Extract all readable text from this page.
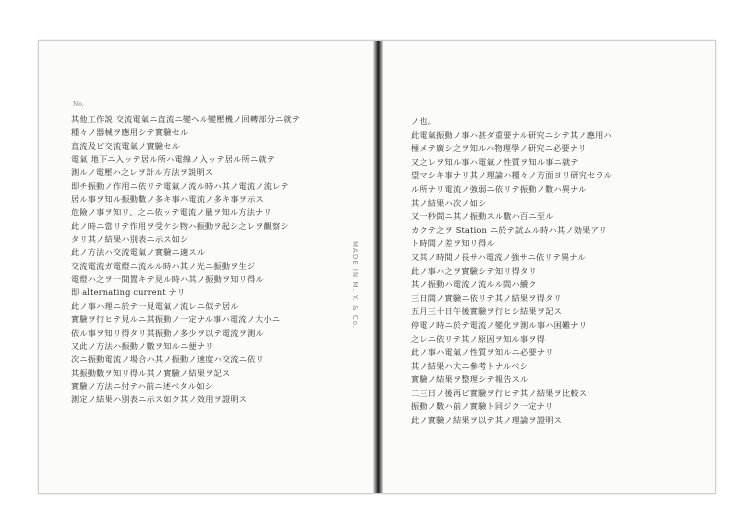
No.
其他工作説 交流電氣ニ直流ニ變ヘル變壓機ノ回轉部分ニ就テ
種々ノ器械ヲ應用シテ實驗セル
直流及ビ交流電氣ノ實驗セル
電氣 地下ニ入ッテ居ル所ハ電線ノ入ッテ居ル所ニ就テ
測ルノ電壓ハ之レヲ計ル方法ヲ説明ス
即チ振動ノ作用ニ依リテ電氣ノ流ル時ハ其ノ電流ノ流レテ
居ル事ヲ知ル振動數ノ多キ事ハ電流ノ多キ事ヲ示ス
危險ノ事ヲ知リ、之ニ依ッテ電流ノ量ヲ知ル方法ナリ
此ノ時ニ當リテ作用ヲ受ケシ物ハ振動ヲ起シ之レヲ觀察シ
タリ其ノ結果ハ別表ニ示ス如シ
此ノ方法ハ交流電氣ノ實驗ニ適スル
交流電流ガ電燈ニ流ルル時ハ其ノ光ニ振動ヲ生ジ
電燈ハ之ヲ一間置キテ見ル時ハ其ノ振動ヲ知リ得ル
即 alternating current ナリ
此ノ事ハ理ニ於テ一見電氣ノ流レニ似テ居ル
實驗ヲ行ヒテ見ルニ其振動ノ一定ナル事ハ電流ノ大小ニ
依ル事ヲ知リ得タリ其振動ノ多少ヲ以テ電流ヲ測ル
又此ノ方法ハ振動ノ數ヲ知ルニ便ナリ
次ニ振動電流ノ場合ハ其ノ振動ノ速度ハ交流ニ依リ
其振動數ヲ知リ得ル其ノ實驗ノ結果ヲ記ス
實驗ノ方法ニ付テハ前ニ述ベタル如シ
測定ノ結果ハ別表ニ示ス如ク其ノ效用ヲ證明ス
MADE IN M. Y. & Co.
ノ也。
此電氣振動ノ事ハ甚ダ重要ナル研究ニシテ其ノ應用ハ
極メテ廣シ之ヲ知ルハ物理學ノ研究ニ必要ナリ
又之レヲ知ル事ハ電氣ノ性質ヲ知ル事ニ就テ
望マシキ事ナリ其ノ理論ハ種々ノ方面ヨリ研究セラル
ル所ナリ電流ノ強弱ニ依リテ振動ノ數ハ異ナル
其ノ結果ハ次ノ如シ
又一秒間ニ其ノ振動スル數ハ百ニ至ル
カクテ之ヲ Station ニ於テ試ムル時ハ其ノ効果アリ
ト時間ノ差ヲ知リ得ル
又其ノ時間ノ長サハ電流ノ強サニ依リテ異ナル
此ノ事ハ之ヲ實驗シテ知リ得タリ
其ノ振動ハ電流ノ流ルル間ハ續ク
三日間ノ實驗ニ依リテ其ノ結果ヲ得タリ
五月三十日午後實驗ヲ行ヒシ結果ヲ記ス
停電ノ時ニ於テ電流ノ變化ヲ測ル事ハ困難ナリ
之レニ依リテ其ノ原因ヲ知ル事ヲ得
此ノ事ハ電氣ノ性質ヲ知ルニ必要ナリ
其ノ結果ハ大ニ參考トナルベシ
實驗ノ結果ヲ整理シテ報告スル
二三日ノ後再ビ實驗ヲ行ヒテ其ノ結果ヲ比較ス
振動ノ數ハ前ノ實驗ト同ジク一定ナリ
此ノ實驗ノ結果ヲ以テ其ノ理論ヲ證明ス
